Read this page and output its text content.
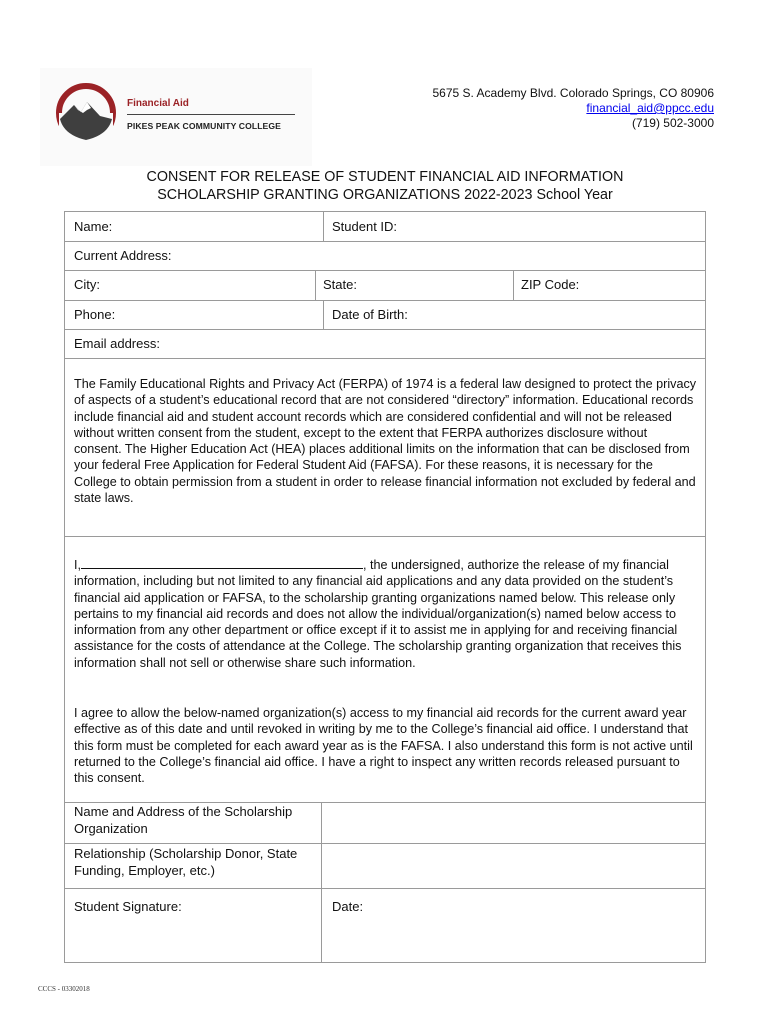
Financial Aid
PIKES PEAK COMMUNITY COLLEGE
5675 S. Academy Blvd. Colorado Springs, CO 80906
financial_aid@ppcc.edu
(719) 502-3000
CONSENT FOR RELEASE OF STUDENT FINANCIAL AID INFORMATION
SCHOLARSHIP GRANTING ORGANIZATIONS 2022-2023 School Year
Name:	Student ID:
Current Address:
City:	State:	ZIP Code:
Phone:	Date of Birth:
Email address:
The Family Educational Rights and Privacy Act (FERPA) of 1974 is a federal law designed to protect the privacy of aspects of a student’s educational record that are not considered “directory” information. Educational records include financial aid and student account records which are considered confidential and will not be released without written consent from the student, except to the extent that FERPA authorizes disclosure without consent. The Higher Education Act (HEA) places additional limits on the information that can be disclosed from your federal Free Application for Federal Student Aid (FAFSA). For these reasons, it is necessary for the College to obtain permission from a student in order to release financial information not excluded by federal and state laws.
I,	, the undersigned, authorize the release of my financial information, including but not limited to any financial aid applications and any data provided on the student’s financial aid application or FAFSA, to the scholarship granting organizations named below. This release only pertains to my financial aid records and does not allow the individual/organization(s) named below access to information from any other department or office except if it to assist me in applying for and receiving financial assistance for the costs of attendance at the College. The scholarship granting organization that receives this information shall not sell or otherwise share such information.
I agree to allow the below-named organization(s) access to my financial aid records for the current award year effective as of this date and until revoked in writing by me to the College’s financial aid office. I understand that this form must be completed for each award year as is the FAFSA. I also understand this form is not active until returned to the College’s financial aid office. I have a right to inspect any written records released pursuant to this consent.
Name and Address of the Scholarship Organization
Relationship (Scholarship Donor, State Funding, Employer, etc.)
Student Signature:	Date:
CCCS - 03302018
